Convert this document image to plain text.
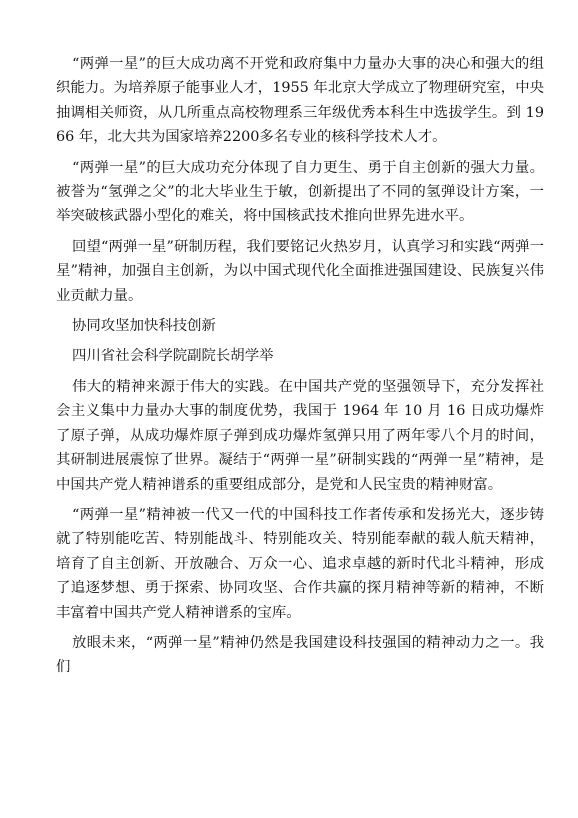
“两弹一星”的巨大成功离不开党和政府集中力量办大事的决心和强大的组织能力。为培养原子能事业人才，1955 年北京大学成立了物理研究室，中央抽调相关师资，从几所重点高校物理系三年级优秀本科生中选拔学生。到 1966 年，北大共为国家培养2200多名专业的核科学技术人才。

“两弹一星”的巨大成功充分体现了自力更生、勇于自主创新的强大力量。被誉为“氢弹之父”的北大毕业生于敏，创新提出了不同的氢弹设计方案，一举突破核武器小型化的难关，将中国核武技术推向世界先进水平。

回望“两弹一星”研制历程，我们要铭记火热岁月，认真学习和实践“两弹一星”精神，加强自主创新，为以中国式现代化全面推进强国建设、民族复兴伟业贡献力量。

协同攻坚加快科技创新

四川省社会科学院副院长胡学举

伟大的精神来源于伟大的实践。在中国共产党的坚强领导下，充分发挥社会主义集中力量办大事的制度优势，我国于 1964 年 10 月 16 日成功爆炸了原子弹，从成功爆炸原子弹到成功爆炸氢弹只用了两年零八个月的时间，其研制进展震惊了世界。凝结于“两弹一星”研制实践的“两弹一星”精神，是中国共产党人精神谱系的重要组成部分，是党和人民宝贵的精神财富。

“两弹一星”精神被一代又一代的中国科技工作者传承和发扬光大，逐步铸就了特别能吃苦、特别能战斗、特别能攻关、特别能奉献的载人航天精神，培育了自主创新、开放融合、万众一心、追求卓越的新时代北斗精神，形成了追逐梦想、勇于探索、协同攻坚、合作共赢的探月精神等新的精神，不断丰富着中国共产党人精神谱系的宝库。

放眼未来，“两弹一星”精神仍然是我国建设科技强国的精神动力之一。我们
